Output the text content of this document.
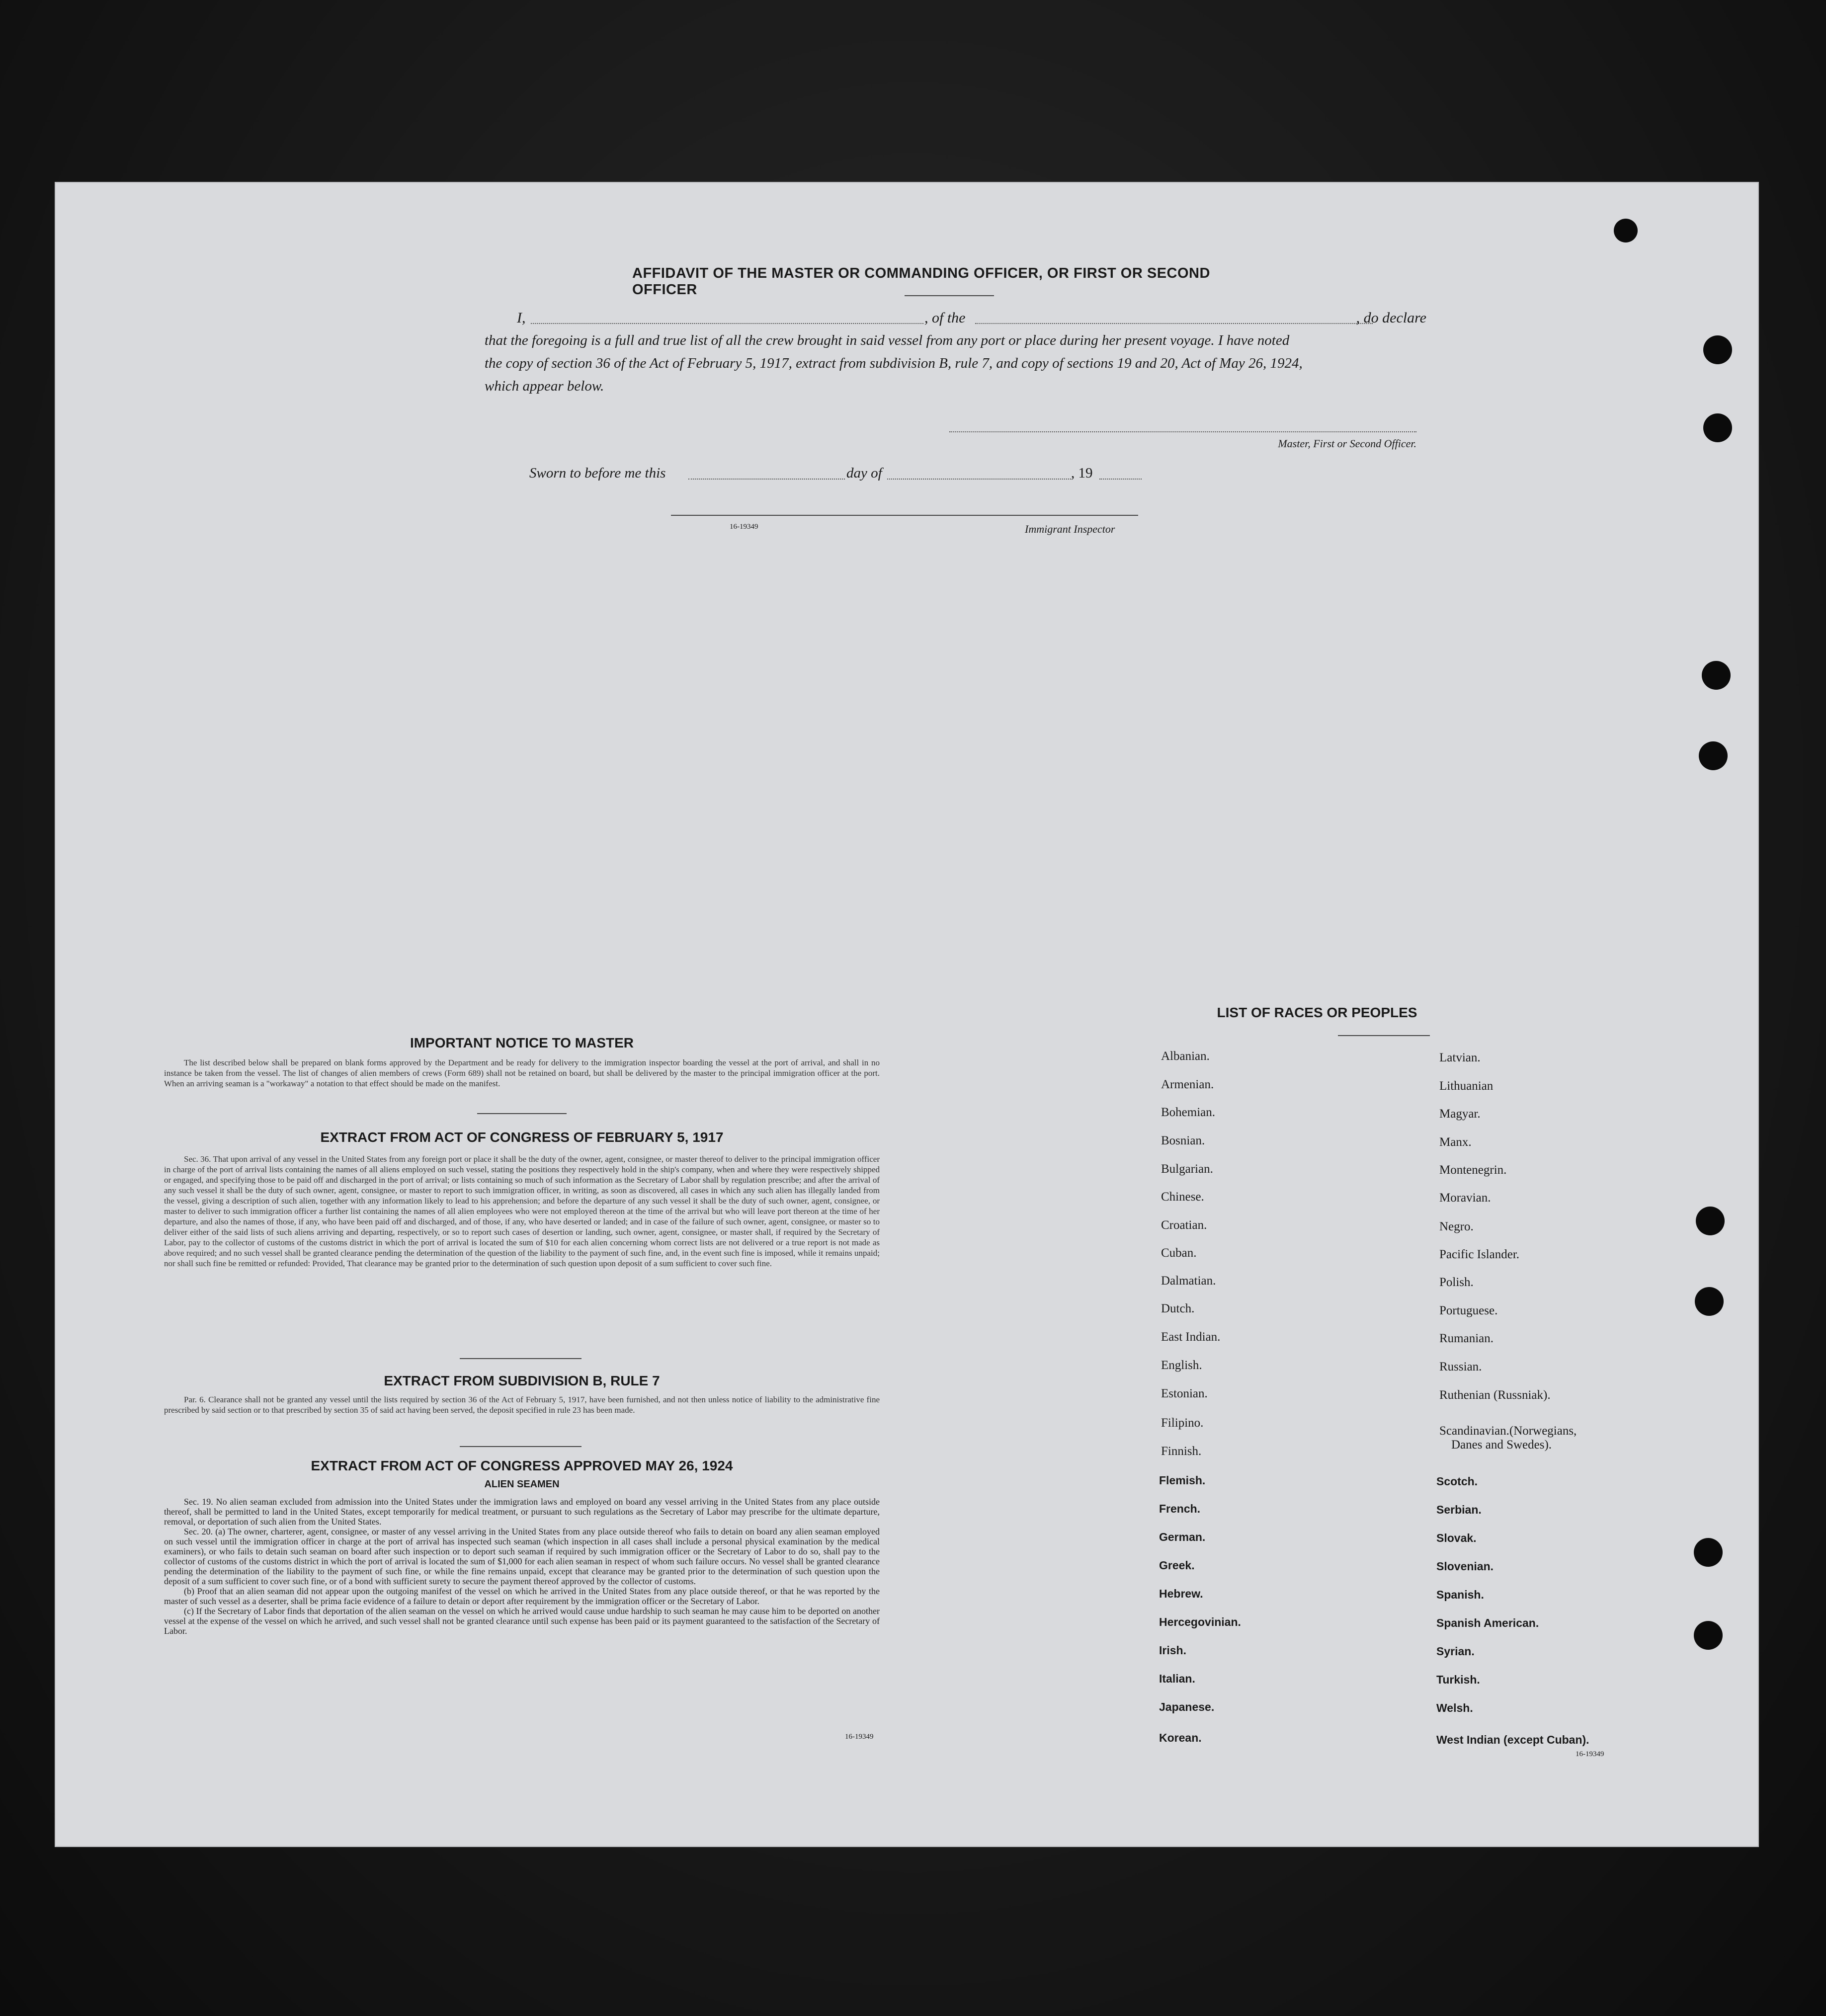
AFFIDAVIT OF THE MASTER OR COMMANDING OFFICER, OR FIRST OR SECOND OFFICER
I,	, of the	, do declare
that the foregoing is a full and true list of all the crew brought in said vessel from any port or place during her present voyage. I have noted
the copy of section 36 of the Act of February 5, 1917, extract from subdivision B, rule 7, and copy of sections 19 and 20, Act of May 26, 1924,
which appear below.
Master, First or Second Officer.
Sworn to before me this	day of	, 19
16-19349	Immigrant Inspector
IMPORTANT NOTICE TO MASTER

The list described below shall be prepared on blank forms approved by the Department and be ready for delivery to the immigration inspector boarding the vessel at the port of arrival, and shall in no instance be taken from the vessel. The list of changes of alien members of crews (Form 689) shall not be retained on board, but shall be delivered by the master to the principal immigration officer at the port. When an arriving seaman is a "workaway" a notation to that effect should be made on the manifest.

EXTRACT FROM ACT OF CONGRESS OF FEBRUARY 5, 1917

Sec. 36. That upon arrival of any vessel in the United States from any foreign port or place it shall be the duty of the owner, agent, consignee, or master thereof to deliver to the principal immigration officer in charge of the port of arrival lists containing the names of all aliens employed on such vessel, stating the positions they respectively hold in the ship's company, when and where they were respectively shipped or engaged, and specifying those to be paid off and discharged in the port of arrival; or lists containing so much of such information as the Secretary of Labor shall by regulation prescribe; and after the arrival of any such vessel it shall be the duty of such owner, agent, consignee, or master to report to such immigration officer, in writing, as soon as discovered, all cases in which any such alien has illegally landed from the vessel, giving a description of such alien, together with any information likely to lead to his apprehension; and before the departure of any such vessel it shall be the duty of such owner, agent, consignee, or master to deliver to such immigration officer a further list containing the names of all alien employees who were not employed thereon at the time of the arrival but who will leave port thereon at the time of her departure, and also the names of those, if any, who have been paid off and discharged, and of those, if any, who have deserted or landed; and in case of the failure of such owner, agent, consignee, or master so to deliver either of the said lists of such aliens arriving and departing, respectively, or so to report such cases of desertion or landing, such owner, agent, consignee, or master shall, if required by the Secretary of Labor, pay to the collector of customs of the customs district in which the port of arrival is located the sum of $10 for each alien concerning whom correct lists are not delivered or a true report is not made as above required; and no such vessel shall be granted clearance pending the determination of the question of the liability to the payment of such fine, and, in the event such fine is imposed, while it remains unpaid; nor shall such fine be remitted or refunded: Provided, That clearance may be granted prior to the determination of such question upon deposit of a sum sufficient to cover such fine.

EXTRACT FROM SUBDIVISION B, RULE 7

Par. 6. Clearance shall not be granted any vessel until the lists required by section 36 of the Act of February 5, 1917, have been furnished, and not then unless notice of liability to the administrative fine prescribed by said section or to that prescribed by section 35 of said act having been served, the deposit specified in rule 23 has been made.

EXTRACT FROM ACT OF CONGRESS APPROVED MAY 26, 1924
ALIEN SEAMEN

Sec. 19. No alien seaman excluded from admission into the United States under the immigration laws and employed on board any vessel arriving in the United States from any place outside thereof, shall be permitted to land in the United States, except temporarily for medical treatment, or pursuant to such regulations as the Secretary of Labor may prescribe for the ultimate departure, removal, or deportation of such alien from the United States.

Sec. 20. (a) The owner, charterer, agent, consignee, or master of any vessel arriving in the United States from any place outside thereof who fails to detain on board any alien seaman employed on such vessel until the immigration officer in charge at the port of arrival has inspected such seaman (which inspection in all cases shall include a personal physical examination by the medical examiners), or who fails to detain such seaman on board after such inspection or to deport such seaman if required by such immigration officer or the Secretary of Labor to do so, shall pay to the collector of customs of the customs district in which the port of arrival is located the sum of $1,000 for each alien seaman in respect of whom such failure occurs. No vessel shall be granted clearance pending the determination of the liability to the payment of such fine, or while the fine remains unpaid, except that clearance may be granted prior to the determination of such question upon the deposit of a sum sufficient to cover such fine, or of a bond with sufficient surety to secure the payment thereof approved by the collector of customs.

(b) Proof that an alien seaman did not appear upon the outgoing manifest of the vessel on which he arrived in the United States from any place outside thereof, or that he was reported by the master of such vessel as a deserter, shall be prima facie evidence of a failure to detain or deport after requirement by the immigration officer or the Secretary of Labor.

(c) If the Secretary of Labor finds that deportation of the alien seaman on the vessel on which he arrived would cause undue hardship to such seaman he may cause him to be deported on another vessel at the expense of the vessel on which he arrived, and such vessel shall not be granted clearance until such expense has been paid or its payment guaranteed to the satisfaction of the Secretary of Labor.

16-19349
LIST OF RACES OR PEOPLES
Albanian.
Armenian.
Bohemian.
Bosnian.
Bulgarian.
Chinese.
Croatian.
Cuban.
Dalmatian.
Dutch.
East Indian.
English.
Estonian.
Filipino.
Finnish.
Flemish.
French.
German.
Greek.
Hebrew.
Hercegovinian.
Irish.
Italian.
Japanese.
Korean.
Latvian.
Lithuanian
Magyar.
Manx.
Montenegrin.
Moravian.
Negro.
Pacific Islander.
Polish.
Portuguese.
Rumanian.
Russian.
Ruthenian (Russniak).
Scandinavian.(Norwegians,
Danes and Swedes).
Scotch.
Serbian.
Slovak.
Slovenian.
Spanish.
Spanish American.
Syrian.
Turkish.
Welsh.
West Indian (except Cuban).
16-19349
